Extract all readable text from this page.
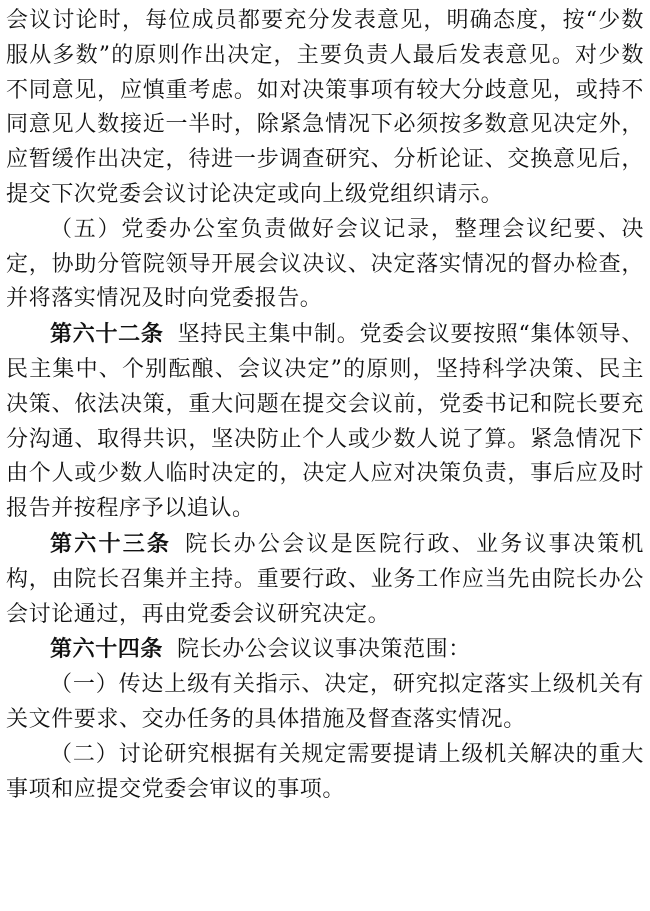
会议讨论时，每位成员都要充分发表意见，明确态度，按“少数服从多数”的原则作出决定，主要负责人最后发表意见。对少数不同意见，应慎重考虑。如对决策事项有较大分歧意见，或持不同意见人数接近一半时，除紧急情况下必须按多数意见决定外，应暂缓作出决定，待进一步调查研究、分析论证、交换意见后，提交下次党委会议讨论决定或向上级党组织请示。

（五）党委办公室负责做好会议记录，整理会议纪要、决定，协助分管院领导开展会议决议、决定落实情况的督办检查，并将落实情况及时向党委报告。

第六十二条 坚持民主集中制。党委会议要按照“集体领导、民主集中、个别酝酿、会议决定”的原则，坚持科学决策、民主决策、依法决策，重大问题在提交会议前，党委书记和院长要充分沟通、取得共识，坚决防止个人或少数人说了算。紧急情况下由个人或少数人临时决定的，决定人应对决策负责，事后应及时报告并按程序予以追认。

第六十三条 院长办公会议是医院行政、业务议事决策机构，由院长召集并主持。重要行政、业务工作应当先由院长办公会讨论通过，再由党委会议研究决定。

第六十四条 院长办公会议议事决策范围：

（一）传达上级有关指示、决定，研究拟定落实上级机关有关文件要求、交办任务的具体措施及督查落实情况。

（二）讨论研究根据有关规定需要提请上级机关解决的重大事项和应提交党委会审议的事项。
